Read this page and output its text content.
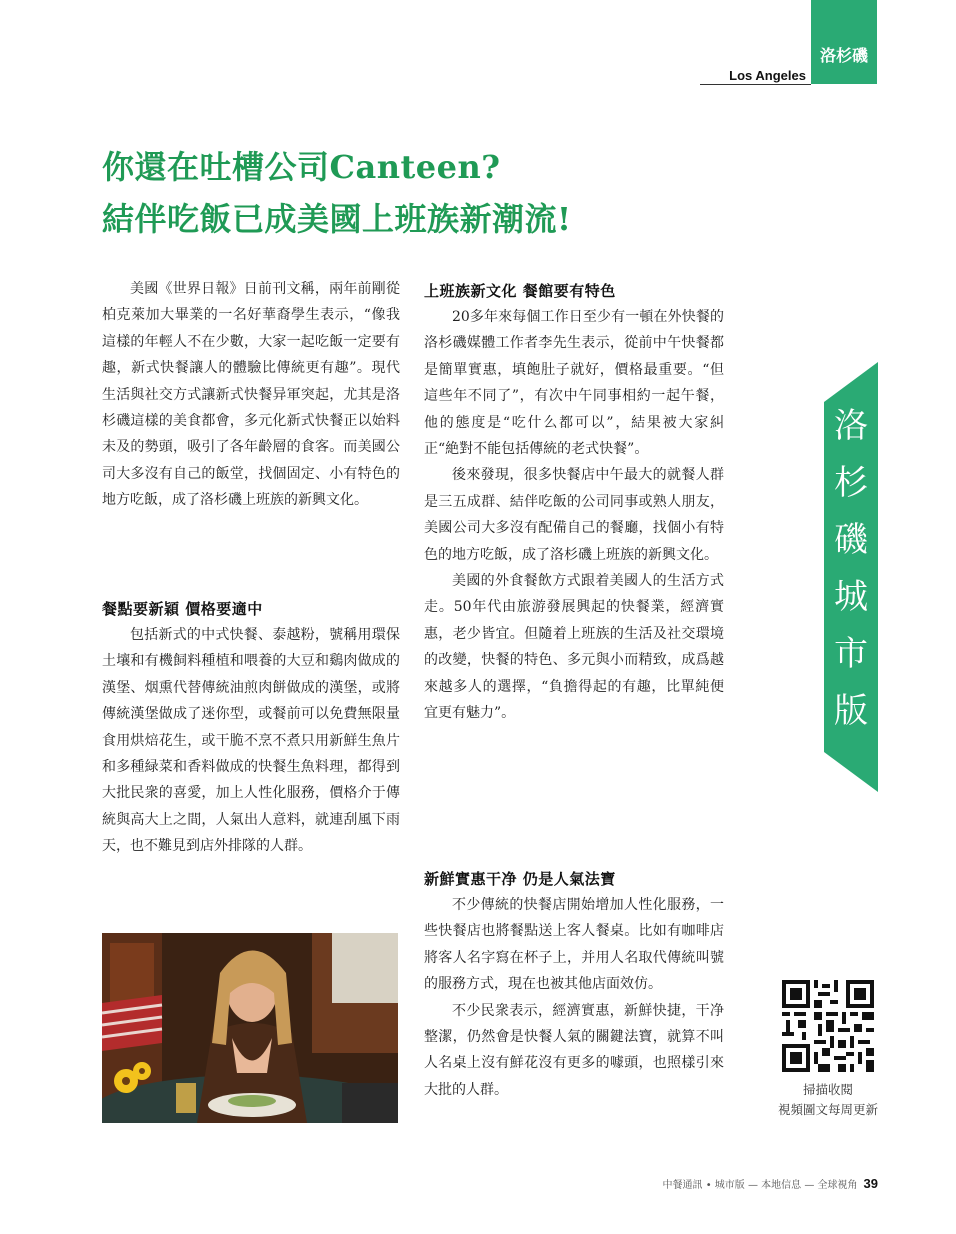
洛杉磯
Los Angeles
你還在吐槽公司Canteen?
結伴吃飯已成美國上班族新潮流!

美國《世界日報》日前刊文稱，兩年前剛從柏克萊加大畢業的一名好華裔學生表示，“像我這樣的年輕人不在少數，大家一起吃飯一定要有趣，新式快餐讓人的體驗比傳統更有趣”。現代生活與社交方式讓新式快餐异軍突起，尤其是洛杉磯這樣的美食都會，多元化新式快餐正以始料未及的勢頭，吸引了各年齡層的食客。而美國公司大多沒有自己的飯堂，找個固定、小有特色的地方吃飯，成了洛杉磯上班族的新興文化。

餐點要新穎 價格要適中

包括新式的中式快餐、泰越粉，號稱用環保土壤和有機飼料種植和喂養的大豆和鷄肉做成的漢堡、烟熏代替傳統油煎肉餅做成的漢堡，或將傳統漢堡做成了迷你型，或餐前可以免費無限量食用烘焙花生，或干脆不烹不煮只用新鮮生魚片和多種緑菜和香料做成的快餐生魚料理，都得到大批民衆的喜愛，加上人性化服務，價格介于傳統與高大上之間，人氣出人意料，就連刮風下雨天，也不難見到店外排隊的人群。

上班族新文化 餐館要有特色

20多年來每個工作日至少有一頓在外快餐的洛杉磯媒體工作者李先生表示，從前中午快餐都是簡單實惠，填飽肚子就好，價格最重要。“但這些年不同了”，有次中午同事相約一起午餐，他的態度是“吃什么都可以”，結果被大家糾正“絶對不能包括傳統的老式快餐”。

後來發現，很多快餐店中午最大的就餐人群是三五成群、結伴吃飯的公司同事或熟人朋友，美國公司大多沒有配備自己的餐廳，找個小有特色的地方吃飯，成了洛杉磯上班族的新興文化。

美國的外食餐飲方式跟着美國人的生活方式走。50年代由旅游發展興起的快餐業，經濟實惠，老少皆宜。但隨着上班族的生活及社交環境的改變，快餐的特色、多元與小而精致，成爲越來越多人的選擇，“負擔得起的有趣，比單純便宜更有魅力”。

新鮮實惠干净 仍是人氣法寶

不少傳統的快餐店開始增加人性化服務，一些快餐店也將餐點送上客人餐桌。比如有咖啡店將客人名字寫在杯子上，并用人名取代傳統叫號的服務方式，現在也被其他店面效仿。

不少民衆表示，經濟實惠，新鮮快捷，干净整潔，仍然會是快餐人氣的關鍵法寶，就算不叫人名桌上沒有鮮花沒有更多的噱頭，也照樣引來大批的人群。

洛
杉
磯
城
市
版
掃描收閱
視頻圖文每周更新
中餐通訊 • 城市版 — 本地信息 — 全球視角 39
